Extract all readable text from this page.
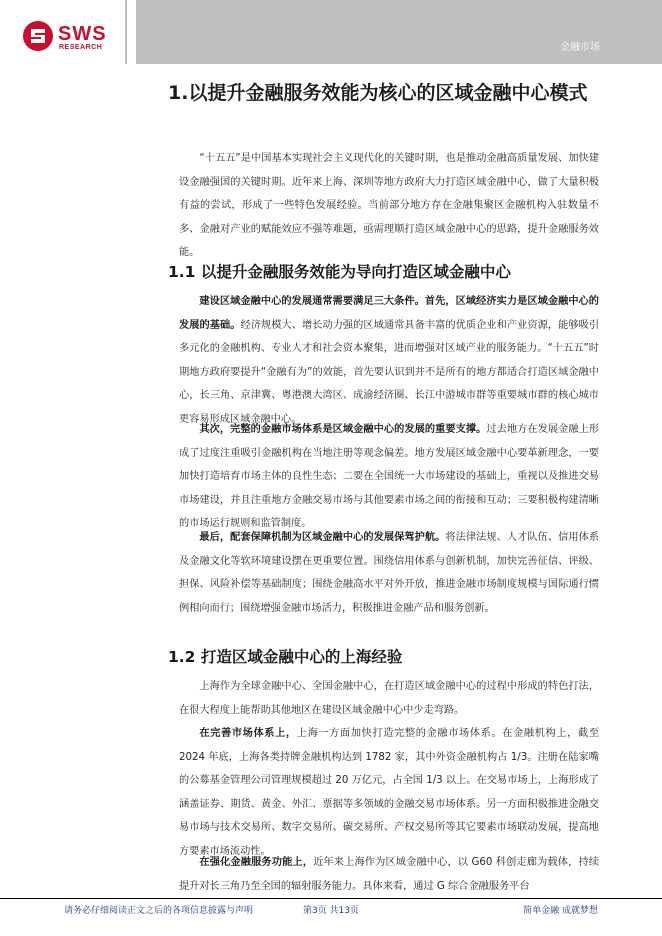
SWS
RESEARCH	金融市场
1.以提升金融服务效能为核心的区域金融中心模式

“十五五”是中国基本实现社会主义现代化的关键时期，也是推动金融高质量发展、加快建设金融强国的关键时期。近年来上海、深圳等地方政府大力打造区域金融中心，做了大量积极有益的尝试，形成了一些特色发展经验。当前部分地方存在金融集聚区金融机构入驻数量不多、金融对产业的赋能效应不强等难题，亟需理顺打造区域金融中心的思路，提升金融服务效能。

1.1 以提升金融服务效能为导向打造区域金融中心

建设区域金融中心的发展通常需要满足三大条件。首先，区域经济实力是区域金融中心的发展的基础。经济规模大、增长动力强的区域通常具备丰富的优质企业和产业资源，能够吸引多元化的金融机构、专业人才和社会资本聚集，进而增强对区域产业的服务能力。“十五五”时期地方政府要提升“金融有为”的效能，首先要认识到并不是所有的地方都适合打造区域金融中心，长三角、京津冀、粤港澳大湾区、成渝经济圈、长江中游城市群等重要城市群的核心城市更容易形成区域金融中心。

其次，完整的金融市场体系是区域金融中心的发展的重要支撑。过去地方在发展金融上形成了过度注重吸引金融机构在当地注册等观念偏差。地方发展区域金融中心要革新理念，一要加快打造培育市场主体的良性生态；二要在全国统一大市场建设的基础上，重视以及推进交易市场建设，并且注重地方金融交易市场与其他要素市场之间的衔接和互动；三要积极构建清晰的市场运行规则和监管制度。

最后，配套保障机制为区域金融中心的发展保驾护航。将法律法规、人才队伍、信用体系及金融文化等软环境建设摆在更重要位置。围绕信用体系与创新机制，加快完善征信、评级、担保、风险补偿等基础制度；围绕金融高水平对外开放，推进金融市场制度规模与国际通行惯例相向而行；围绕增强金融市场活力，积极推进金融产品和服务创新。

1.2 打造区域金融中心的上海经验

上海作为全球金融中心、全国金融中心，在打造区域金融中心的过程中形成的特色打法，在很大程度上能帮助其他地区在建设区域金融中心中少走弯路。

在完善市场体系上，上海一方面加快打造完整的金融市场体系。在金融机构上，截至 2024 年底，上海各类持牌金融机构达到 1782 家，其中外资金融机构占 1/3。注册在陆家嘴的公募基金管理公司管理规模超过 20 万亿元，占全国 1/3 以上。在交易市场上，上海形成了涵盖证券、期货、黄金、外汇、票据等多领域的金融交易市场体系。另一方面积极推进金融交易市场与技术交易所、数字交易所、碳交易所、产权交易所等其它要素市场联动发展，提高地方要素市场流动性。

在强化金融服务功能上，近年来上海作为区域金融中心，以 G60 科创走廊为载体，持续提升对长三角乃至全国的辐射服务能力。具体来看，通过 G 综合金融服务平台

请务必仔细阅读正文之后的各项信息披露与声明	第3页 共13页	简单金融 成就梦想
